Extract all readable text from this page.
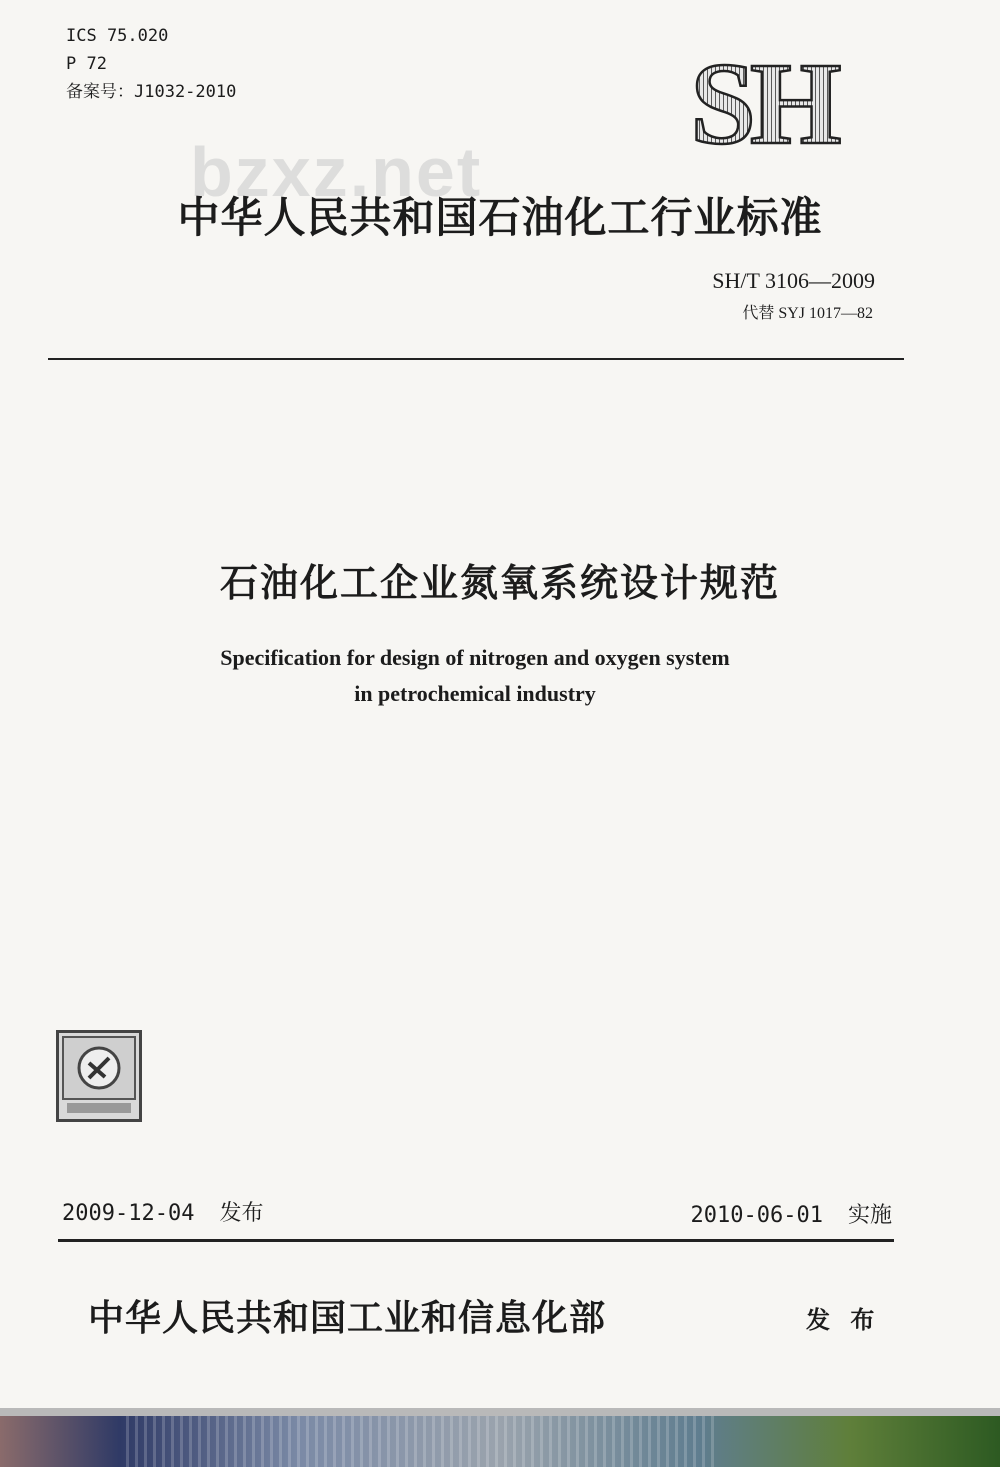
ICS 75.020
P 72
备案号：J1032-2010	SH
bzxz.net
中华人民共和国石油化工行业标准
SH/T 3106—2009
代替 SYJ 1017—82
石油化工企业氮氧系统设计规范
Specification for design of nitrogen and oxygen system
in petrochemical industry
2009-12-04 发布	2010-06-01 实施
中华人民共和国工业和信息化部	发 布
